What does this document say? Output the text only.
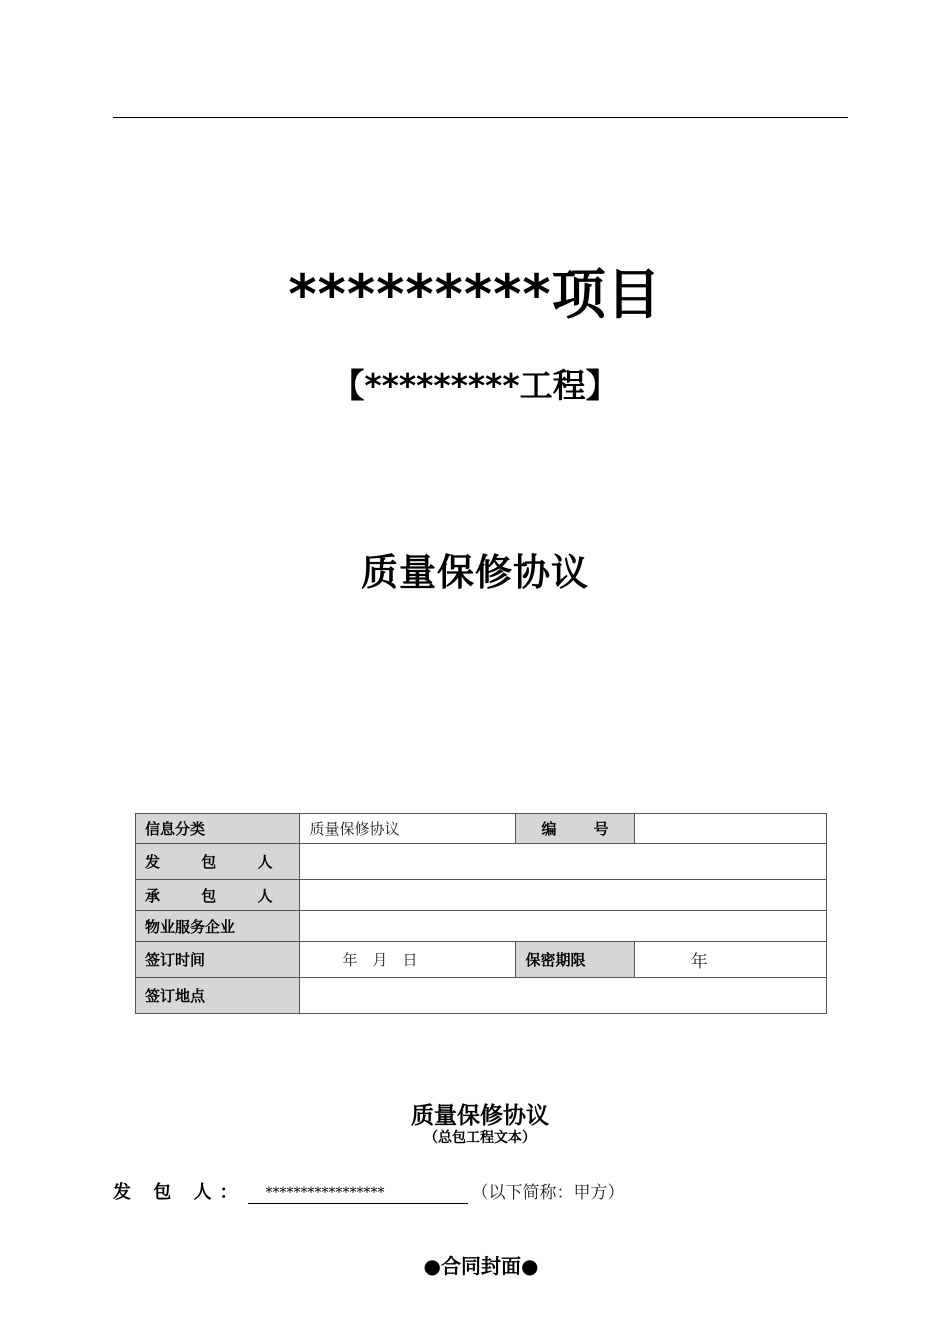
*********项目
【*********工程】
质量保修协议
信息分类	质量保修协议	编 号	
发 包 人			
承 包 人			
物业服务企业			
签订时间	年　月　日	保密期限	年
签订地点			
质量保修协议
（总包工程文本）
发 包 人： *****************	（以下简称：甲方）
●合同封面●
